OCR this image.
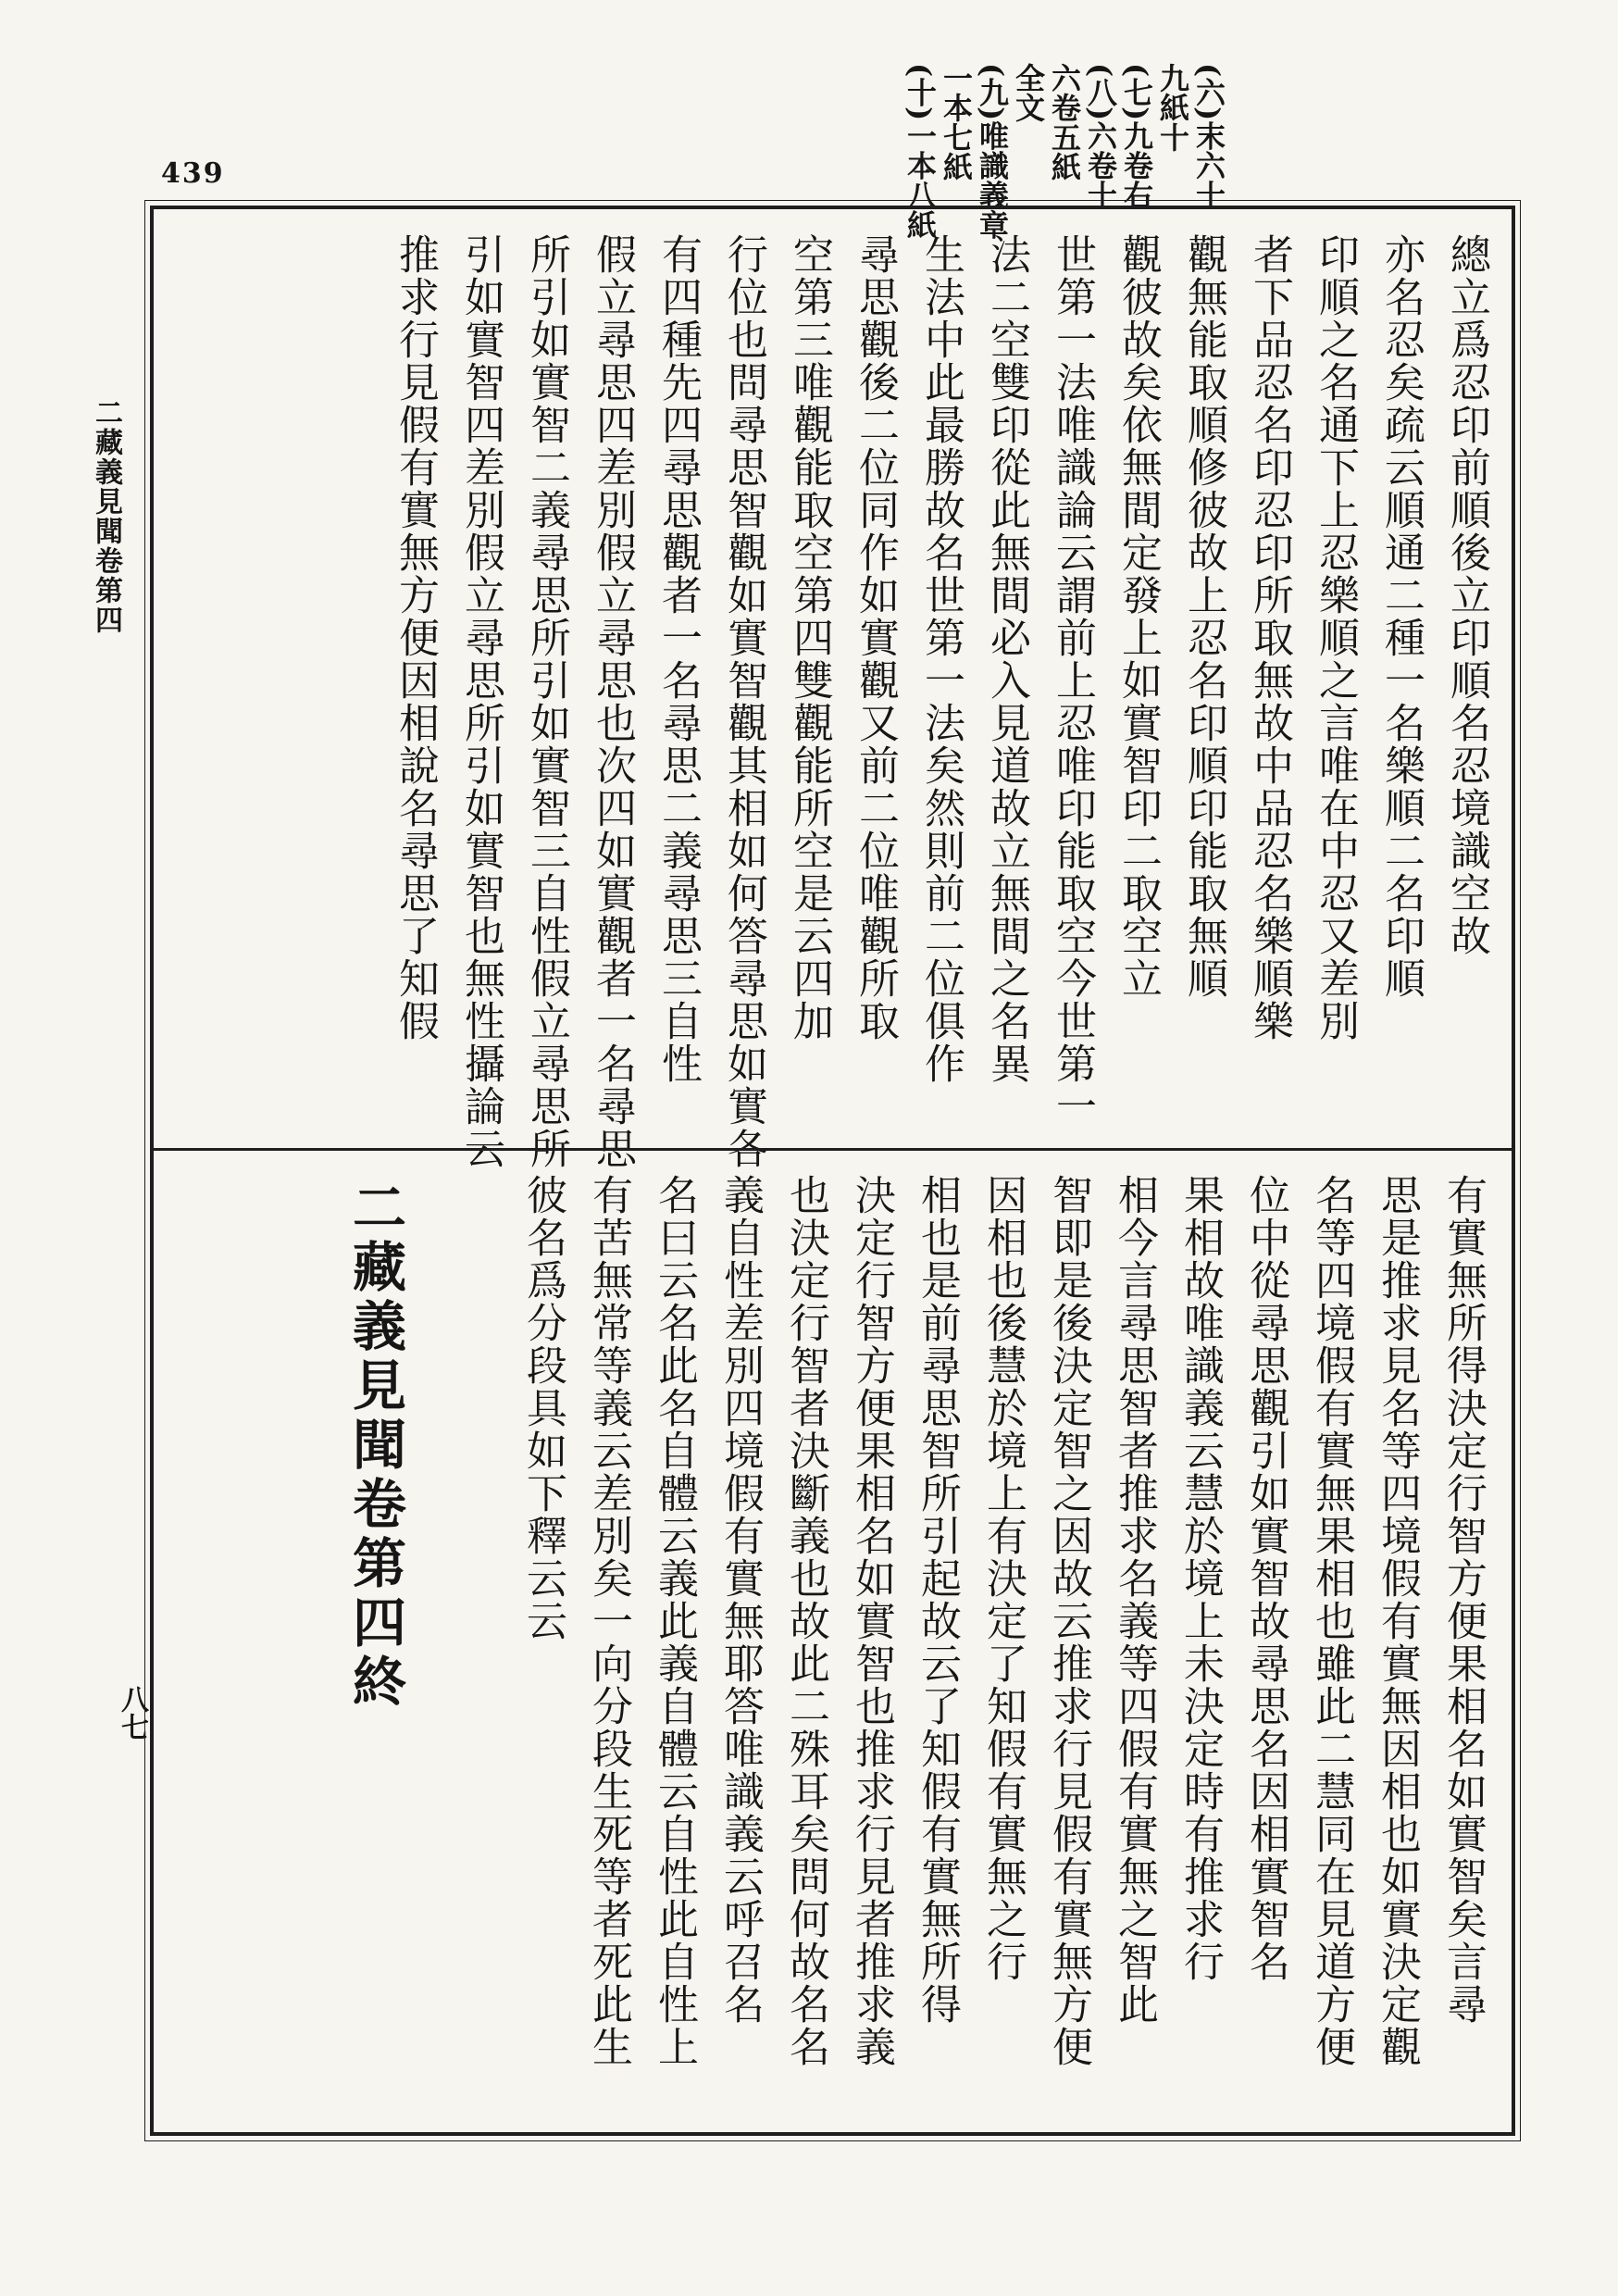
439	(六)末六十
九紙十
(七)九卷右
(八)六卷十
六卷五紙
全文
(九)唯識義章
一本七紙
(十)一本八紙
二藏義見聞卷第四
八七
總立爲忍印前順後立印順名忍境識空故
亦名忍矣疏云順通二種一名樂順二名印順
印順之名通下上忍樂順之言唯在中忍又差別
者下品忍名印忍印所取無故中品忍名樂順樂
觀無能取順修彼故上忍名印順印能取無順
觀彼故矣依無間定發上如實智印二取空立
世第一法唯識論云謂前上忍唯印能取空今世第一
法二空雙印從此無間必入見道故立無間之名異
生法中此最勝故名世第一法矣然則前二位俱作
尋思觀後二位同作如實觀又前二位唯觀所取
空第三唯觀能取空第四雙觀能所空是云四加
行位也問尋思智觀如實智觀其相如何答尋思如實各
有四種先四尋思觀者一名尋思二義尋思三自性
假立尋思四差別假立尋思也次四如實觀者一名尋思
所引如實智二義尋思所引如實智三自性假立尋思所
引如實智四差別假立尋思所引如實智也無性攝論云
推求行見假有實無方便因相說名尋思了知假
有實無所得決定行智方便果相名如實智矣言尋
思是推求見名等四境假有實無因相也如實決定觀
名等四境假有實無果相也雖此二慧同在見道方便
位中從尋思觀引如實智故尋思名因相實智名
果相故唯識義云慧於境上未決定時有推求行
相今言尋思智者推求名義等四假有實無之智此
智即是後決定智之因故云推求行見假有實無方便
因相也後慧於境上有決定了知假有實無之行
相也是前尋思智所引起故云了知假有實無所得
決定行智方便果相名如實智也推求行見者推求義
也決定行智者決斷義也故此二殊耳矣問何故名名
義自性差別四境假有實無耶答唯識義云呼召名
名曰云名此名自體云義此義自體云自性此自性上
有苦無常等義云差別矣一向分段生死等者死此生
彼名爲分段具如下釋云云
二藏義見聞卷第四終
